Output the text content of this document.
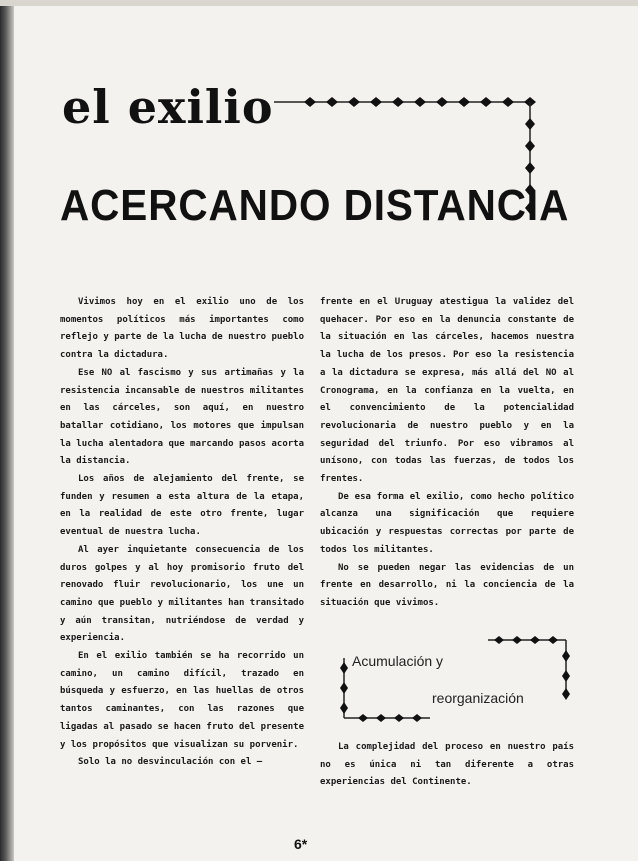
el exilio
ACERCANDO DISTANCIA

Vivimos hoy en el exilio uno de los momentos políticos más importantes como reflejo y parte de la lucha de nuestro pueblo contra la dictadura.

Ese NO al fascismo y sus artimañas y la resistencia incansable de nuestros militantes en las cárceles, son aquí, en nuestro batallar cotidiano, los motores que impulsan la lucha alentadora que marcando pasos acorta la distancia.

Los años de alejamiento del frente, se funden y resumen a esta altura de la etapa, en la realidad de este otro frente, lugar eventual de nuestra lucha.

Al ayer inquietante consecuencia de los duros golpes y al hoy promisorio fruto del renovado fluir revolucionario, los une un camino que pueblo y militantes han transitado y aún transitan, nutriéndose de verdad y experiencia.

En el exilio también se ha recorrido un camino, un camino difícil, trazado en búsqueda y esfuerzo, en las huellas de otros tantos caminantes, con las razones que ligadas al pasado se hacen fruto del presente y los propósitos que visualizan su porvenir.

Solo la no desvinculación con el —

frente en el Uruguay atestigua la validez del quehacer. Por eso en la denuncia constante de la situación en las cárceles, hacemos nuestra la lucha de los presos. Por eso la resistencia a la dictadura se expresa, más allá del NO al Cronograma, en la confianza en la vuelta, en el convencimiento de la potencialidad revolucionaria de nuestro pueblo y en la seguridad del triunfo. Por eso vibramos al unísono, con todas las fuerzas, de todos los frentes.

De esa forma el exilio, como hecho político alcanza una significación que requiere ubicación y respuestas correctas por parte de todos los militantes.

No se pueden negar las evidencias de un frente en desarrollo, ni la conciencia de la situación que vivimos.

Acumulación y

reorganización

La complejidad del proceso en nuestro país no es única ni tan diferente a otras experiencias del Continente.

6*
